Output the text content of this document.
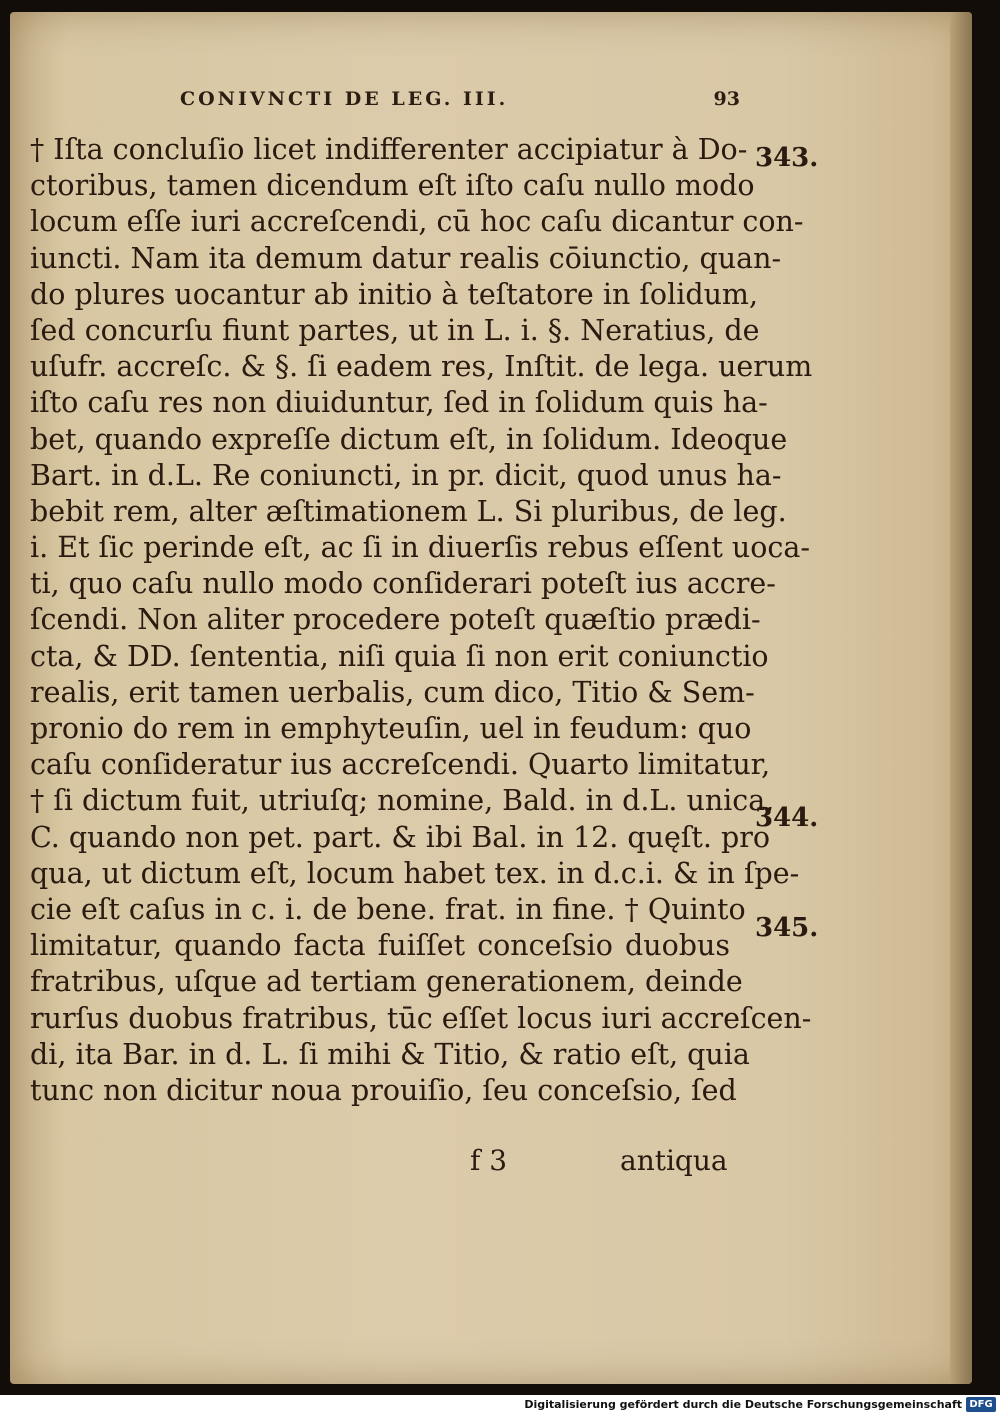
CONIVNCTI DE LEG. III.	93
† Iſta concluſio licet indifferenter accipiatur à Do-
ctoribus, tamen dicendum eſt iſto caſu nullo modo
locum eſſe iuri accreſcendi, cū hoc caſu dicantur con-
iuncti. Nam ita demum datur realis cōiunctio, quan-
do plures uocantur ab initio à teſtatore in ſolidum,
ſed concurſu fiunt partes, ut in L. i. §. Neratius, de
uſufr. accreſc. & §. ſi eadem res, Inſtit. de lega. uerum
iſto caſu res non diuiduntur, ſed in ſolidum quis ha-
bet, quando expreſſe dictum eſt, in ſolidum. Ideoque
Bart. in d.L. Re coniuncti, in pr. dicit, quod unus ha-
bebit rem, alter æſtimationem L. Si pluribus, de leg.
i. Et ſic perinde eſt, ac ſi in diuerſis rebus eſſent uoca-
ti, quo caſu nullo modo conſiderari poteſt ius accre-
ſcendi. Non aliter procedere poteſt quæſtio prædi-
cta, & DD. ſententia, niſi quia ſi non erit coniunctio
realis, erit tamen uerbalis, cum dico, Titio & Sem-
pronio do rem in emphyteuſin, uel in feudum: quo
caſu conſideratur ius accreſcendi. Quarto limitatur,
† ſi dictum fuit, utriuſq; nomine, Bald. in d.L. unica,
C. quando non pet. part. & ibi Bal. in 12. quęſt. pro
qua, ut dictum eſt, locum habet tex. in d.c.i. & in ſpe-
cie eſt caſus in c. i. de bene. frat. in fine. † Quinto
limitatur, quando facta fuiſſet conceſsio duobus
fratribus, uſque ad tertiam generationem, deinde
rurſus duobus fratribus, tūc eſſet locus iuri accreſcen-
di, ita Bar. in d. L. ſi mihi & Titio, & ratio eſt, quia
tunc non dicitur noua prouiſio, ſeu conceſsio, ſed
343.
344.
345.
f 3	antiqua
Digitalisierung gefördert durch die Deutsche Forschungsgemeinschaft DFG
